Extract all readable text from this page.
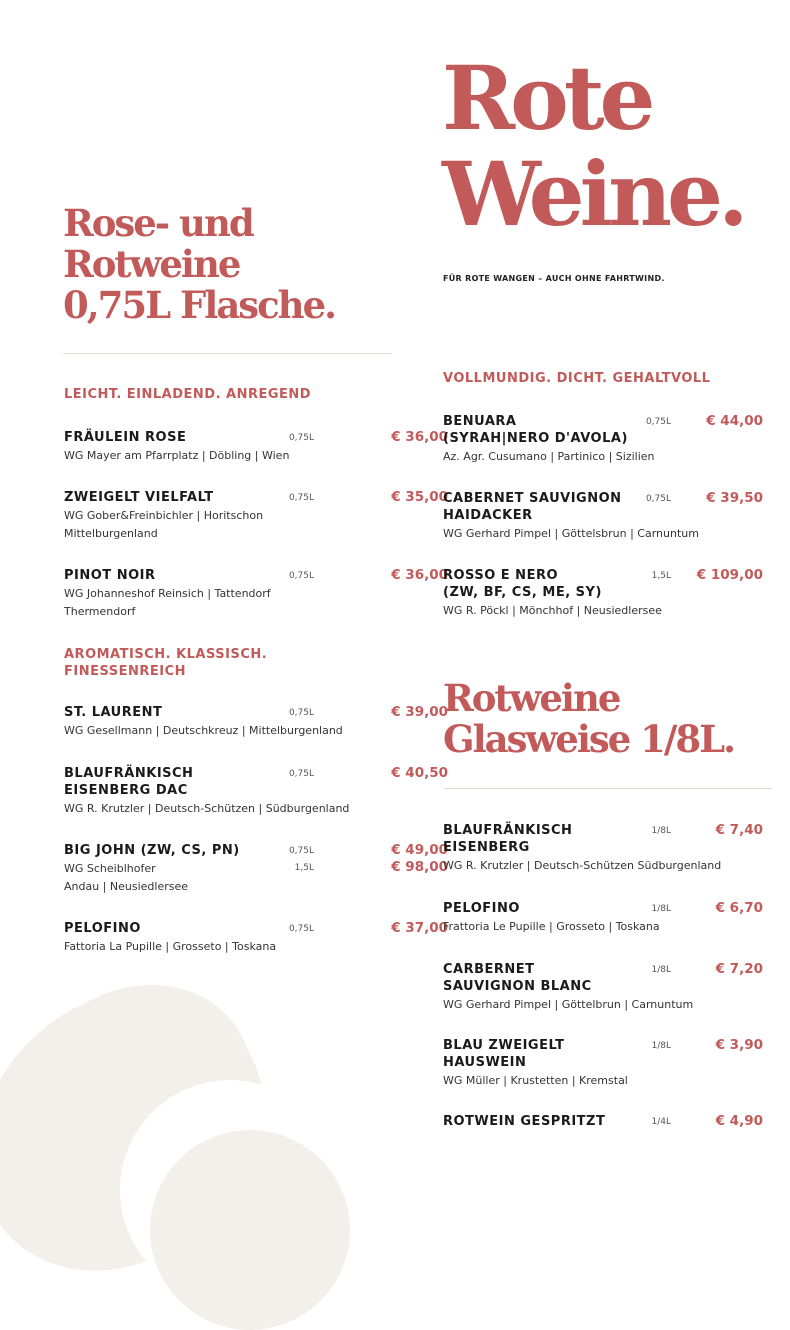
Rote
Weine.
FÜR ROTE WANGEN – AUCH OHNE FAHRTWIND.
Rose- und
Rotweine
0,75L Flasche.
LEICHT. EINLADEND. ANREGEND
AROMATISCH. KLASSISCH.
FINESSENREICH
VOLLMUNDIG. DICHT. GEHALTVOLL
FRÄULEIN ROSE	0,75L	€ 36,00
WG Mayer am Pfarrplatz | Döbling | Wien
ZWEIGELT VIELFALT	0,75L	€ 35,00
WG Gober&Freinbichler | Horitschon
Mittelburgenland
PINOT NOIR	0,75L	€ 36,00
WG Johanneshof Reinsich | Tattendorf
Thermendorf
ST. LAURENT	0,75L	€ 39,00
WG Gesellmann | Deutschkreuz | Mittelburgenland
BLAUFRÄNKISCH
EISENBERG DAC
0,75L	€ 40,50
WG R. Krutzler | Deutsch-Schützen | Südburgenland
BIG JOHN (ZW, CS, PN)	0,75L	€ 49,00
1,5L	€ 98,00
WG Scheiblhofer
Andau | Neusiedlersee
PELOFINO	0,75L	€ 37,00
Fattoria La Pupille | Grosseto | Toskana
BENUARA
(SYRAH|NERO D'AVOLA)
0,75L	€ 44,00
Az. Agr. Cusumano | Partinico | Sizilien
CABERNET SAUVIGNON
HAIDACKER
0,75L	€ 39,50
WG Gerhard Pimpel | Göttelsbrun | Carnuntum
ROSSO E NERO
(ZW, BF, CS, ME, SY)
1,5L € 109,00
WG R. Pöckl | Mönchhof | Neusiedlersee
Rotweine
Glasweise 1/8L.
BLAUFRÄNKISCH
EISENBERG
1/8L	€ 7,40
WG R. Krutzler | Deutsch-Schützen Südburgenland
PELOFINO	1/8L	€ 6,70
Frattoria Le Pupille | Grosseto | Toskana
CARBERNET
SAUVIGNON BLANC
1/8L	€ 7,20
WG Gerhard Pimpel | Göttelbrun | Carnuntum
BLAU ZWEIGELT
HAUSWEIN
1/8L	€ 3,90
WG Müller | Krustetten | Kremstal
ROTWEIN GESPRITZT	1/4L	€ 4,90
